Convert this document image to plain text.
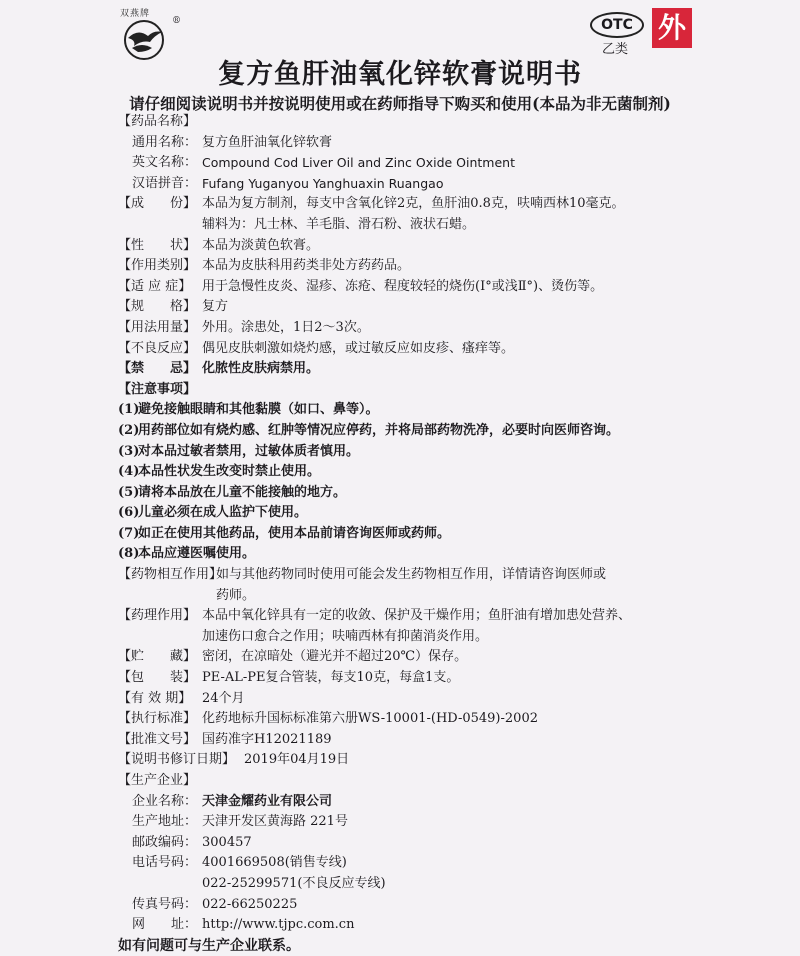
双燕牌
®	OTC
乙类
外
复方鱼肝油氧化锌软膏说明书
请仔细阅读说明书并按说明使用或在药师指导下购买和使用(本品为非无菌制剂)
【药品名称】
通用名称： 复方鱼肝油氧化锌软膏
英文名称： Compound Cod Liver Oil and Zinc Oxide Ointment
汉语拼音： Fufang Yuganyou Yanghuaxin Ruangao
【成　　份】 本品为复方制剂，每支中含氧化锌2克，鱼肝油0.8克，呋喃西林10毫克。
辅料为：凡士林、羊毛脂、滑石粉、液状石蜡。
【性　　状】 本品为淡黄色软膏。
【作用类别】 本品为皮肤科用药类非处方药药品。
【适 应 症】 用于急慢性皮炎、湿疹、冻疮、程度较轻的烧伤(Ⅰ°或浅Ⅱ°)、烫伤等。
【规　　格】 复方
【用法用量】 外用。涂患处，1日2～3次。
【不良反应】 偶见皮肤刺激如烧灼感，或过敏反应如皮疹、瘙痒等。
【禁　　忌】 化脓性皮肤病禁用。
【注意事项】
(1)
避免接触眼睛和其他黏膜（如口、鼻等）。
(2)
用药部位如有烧灼感、红肿等情况应停药，并将局部药物洗净，必要时向医师咨询。
(3)
对本品过敏者禁用，过敏体质者慎用。
(4)
本品性状发生改变时禁止使用。
(5)
请将本品放在儿童不能接触的地方。
(6)
儿童必须在成人监护下使用。
(7)
如正在使用其他药品，使用本品前请咨询医师或药师。
(8)
本品应遵医嘱使用。
【药物相互作用】
如与其他药物同时使用可能会发生药物相互作用，详情请咨询医师或
药师。
【药理作用】 本品中氧化锌具有一定的收敛、保护及干燥作用；鱼肝油有增加患处营养、
加速伤口愈合之作用；呋喃西林有抑菌消炎作用。
【贮　　藏】 密闭，在凉暗处（避光并不超过20℃）保存。
【包　　装】 PE-AL-PE复合管装，每支10克，每盒1支。
【有 效 期】 24个月
【执行标准】 化药地标升国标标准第六册WS-10001-(HD-0549)-2002
【批准文号】 国药准字H12021189
【说明书修订日期】 2019年04月19日
【生产企业】
企业名称： 天津金耀药业有限公司
生产地址： 天津开发区黄海路 221号
邮政编码： 300457
电话号码： 4001669508(销售专线)
022-25299571(不良反应专线)
传真号码： 022-66250225
网　　址： http://www.tjpc.com.cn
如有问题可与生产企业联系。
